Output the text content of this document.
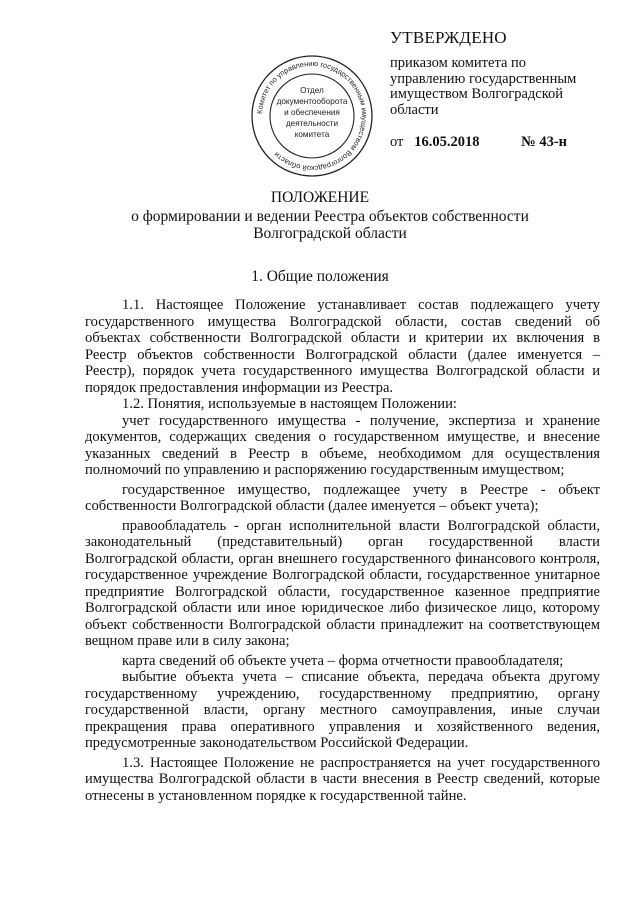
УТВЕРЖДЕНО
приказом комитета по
управлению государственным
имуществом Волгоградской
области
от 16.05.2018	№ 43-н
Комитет по управлению государственным имуществом Волгоградской области
Отдел
документооборота
и обеспечения
деятельности
комитета
ПОЛОЖЕНИЕ
о формировании и ведении Реестра объектов собственности Волгоградской области
1. Общие положения

1.1. Настоящее Положение устанавливает состав подлежащего учету государственного имущества Волгоградской области, состав сведений об объектах собственности Волгоградской области и критерии их включения в Реестр объектов собственности Волгоградской области (далее именуется – Реестр), порядок учета государственного имущества Волгоградской области и порядок предоставления информации из Реестра.

1.2. Понятия, используемые в настоящем Положении:

учет государственного имущества - получение, экспертиза и хранение документов, содержащих сведения о государственном имуществе, и внесение указанных сведений в Реестр в объеме, необходимом для осуществления полномочий по управлению и распоряжению государственным имуществом;

государственное имущество, подлежащее учету в Реестре - объект собственности Волгоградской области (далее именуется – объект учета);

правообладатель - орган исполнительной власти Волгоградской области, законодательный (представительный) орган государственной власти Волгоградской области, орган внешнего государственного финансового контроля, государственное учреждение Волгоградской области, государственное унитарное предприятие Волгоградской области, государственное казенное предприятие Волгоградской области или иное юридическое либо физическое лицо, которому объект собственности Волгоградской области принадлежит на соответствующем вещном праве или в силу закона;

карта сведений об объекте учета – форма отчетности правообладателя;

выбытие объекта учета – списание объекта, передача объекта другому государственному учреждению, государственному предприятию, органу государственной власти, органу местного самоуправления, иные случаи прекращения права оперативного управления и хозяйственного ведения, предусмотренные законодательством Российской Федерации.

1.3. Настоящее Положение не распространяется на учет государственного имущества Волгоградской области в части внесения в Реестр сведений, которые отнесены в установленном порядке к государственной тайне.
